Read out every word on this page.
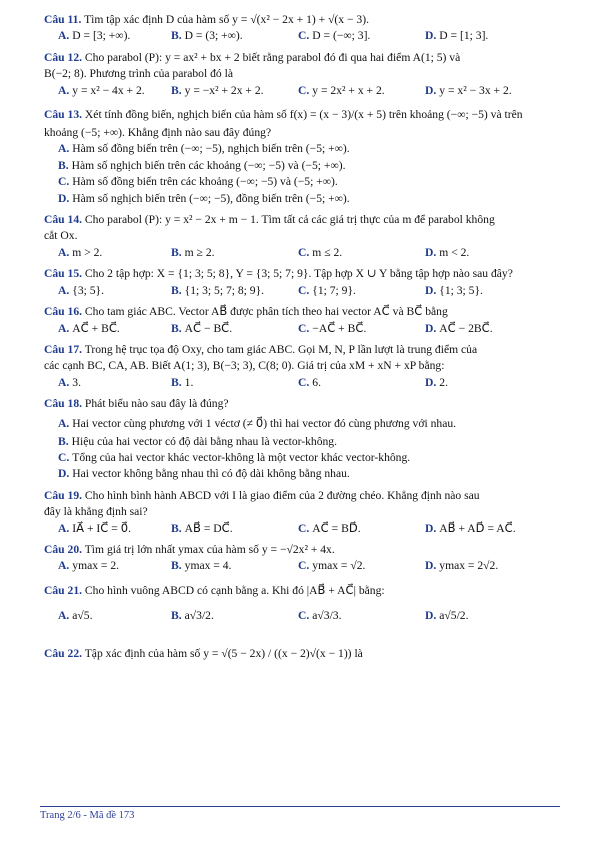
Câu 11. Tìm tập xác định D của hàm số y = √(x² − 2x + 1) + √(x − 3).

A. D = [3; +∞).	B. D = (3; +∞).	C. D = (−∞; 3].	D. D = [1; 3].

Câu 12. Cho parabol (P): y = ax² + bx + 2 biết rằng parabol đó đi qua hai điểm A(1; 5) và

B(−2; 8). Phương trình của parabol đó là

A. y = x² − 4x + 2.	B. y = −x² + 2x + 2.	C. y = 2x² + x + 2.	D. y = x² − 3x + 2.

Câu 13. Xét tính đồng biến, nghịch biến của hàm số f(x) = (x − 3)/(x + 5) trên khoảng (−∞; −5) và trên

khoảng (−5; +∞). Khẳng định nào sau đây đúng?

A. Hàm số đồng biến trên (−∞; −5), nghịch biến trên (−5; +∞).
B. Hàm số nghịch biến trên các khoảng (−∞; −5) và (−5; +∞).
C. Hàm số đồng biến trên các khoảng (−∞; −5) và (−5; +∞).
D. Hàm số nghịch biến trên (−∞; −5), đồng biến trên (−5; +∞).

Câu 14. Cho parabol (P): y = x² − 2x + m − 1. Tìm tất cả các giá trị thực của m để parabol không

cắt Ox.

A. m > 2.	B. m ≥ 2.	C. m ≤ 2.	D. m < 2.

Câu 15. Cho 2 tập hợp: X = {1; 3; 5; 8}, Y = {3; 5; 7; 9}. Tập hợp X ∪ Y bằng tập hợp nào sau đây?

A. {3; 5}.	B. {1; 3; 5; 7; 8; 9}.	C. {1; 7; 9}.	D. {1; 3; 5}.

Câu 16. Cho tam giác ABC. Vector AB⃗ được phân tích theo hai vector AC⃗ và BC⃗ bằng

A. AC⃗ + BC⃗.	B. AC⃗ − BC⃗.	C. −AC⃗ + BC⃗.	D. AC⃗ − 2BC⃗.

Câu 17. Trong hệ trục tọa độ Oxy, cho tam giác ABC. Gọi M, N, P lần lượt là trung điểm của

các cạnh BC, CA, AB. Biết A(1; 3), B(−3; 3), C(8; 0). Giá trị của xM + xN + xP bằng:

A. 3.	B. 1.	C. 6.	D. 2.

Câu 18. Phát biểu nào sau đây là đúng?

A. Hai vector cùng phương với 1 véctơ (≠ 0⃗) thì hai vector đó cùng phương với nhau.
B. Hiệu của hai vector có độ dài bằng nhau là vector-không.
C. Tổng của hai vector khác vector-không là một vector khác vector-không.
D. Hai vector không bằng nhau thì có độ dài không bằng nhau.

Câu 19. Cho hình bình hành ABCD với I là giao điểm của 2 đường chéo. Khẳng định nào sau

đây là khẳng định sai?

A. IA⃗ + IC⃗ = 0⃗.	B. AB⃗ = DC⃗.	C. AC⃗ = BD⃗.	D. AB⃗ + AD⃗ = AC⃗.

Câu 20. Tìm giá trị lớn nhất ymax của hàm số y = −√2x² + 4x.

A. ymax = 2.	B. ymax = 4.	C. ymax = √2.	D. ymax = 2√2.

Câu 21. Cho hình vuông ABCD có cạnh bằng a. Khi đó |AB⃗ + AC⃗| bằng:

A. a√5.	B. a√3/2.	C. a√3/3.	D. a√5/2.

Câu 22. Tập xác định của hàm số y = √(5 − 2x) / ((x − 2)√(x − 1)) là

Trang 2/6 - Mã đề 173
